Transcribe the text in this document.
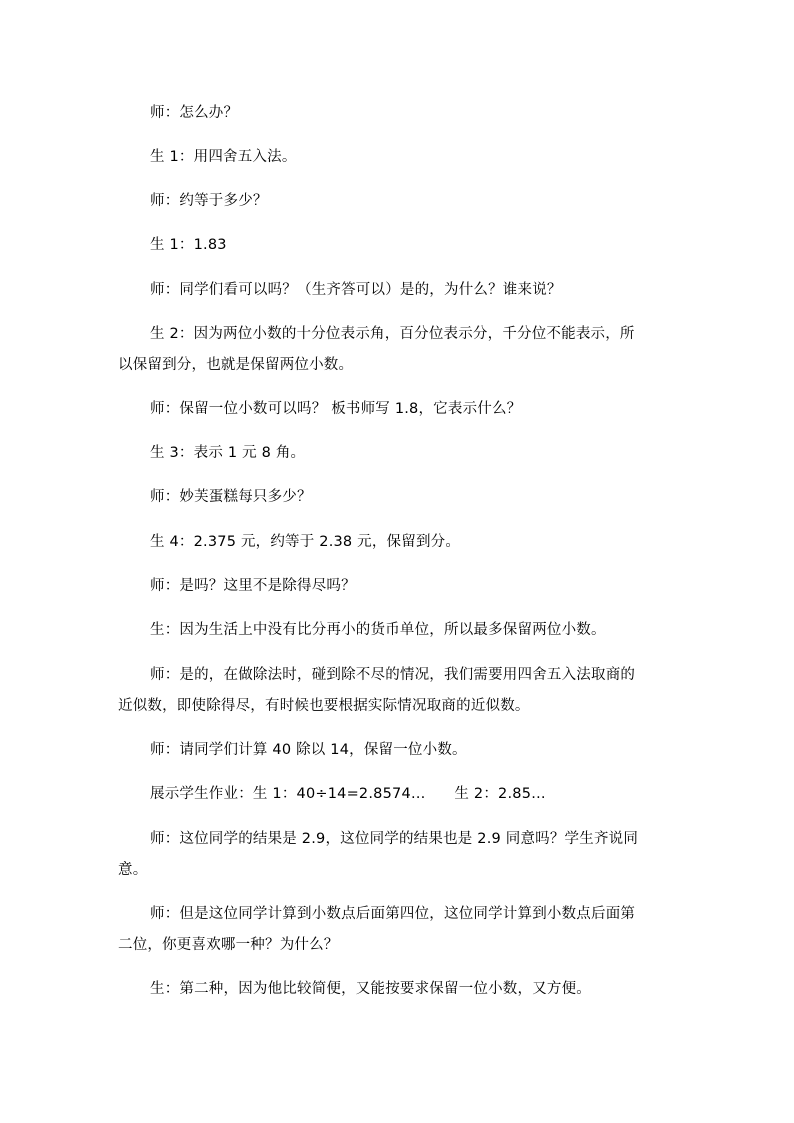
师：怎么办？
生 1：用四舍五入法。
师：约等于多少？
生 1：1.83
师：同学们看可以吗？（生齐答可以）是的，为什么？谁来说？
生 2：因为两位小数的十分位表示角，百分位表示分，千分位不能表示，所
以保留到分，也就是保留两位小数。
师：保留一位小数可以吗？ 板书师写 1.8，它表示什么？
生 3：表示 1 元 8 角。
师：妙芙蛋糕每只多少？
生 4：2.375 元，约等于 2.38 元，保留到分。
师：是吗？这里不是除得尽吗？
生：因为生活上中没有比分再小的货币单位，所以最多保留两位小数。
师：是的，在做除法时，碰到除不尽的情况，我们需要用四舍五入法取商的
近似数，即使除得尽，有时候也要根据实际情况取商的近似数。
师：请同学们计算 40 除以 14，保留一位小数。
展示学生作业：生 1：40÷14=2.8574…      生 2：2.85…
师：这位同学的结果是 2.9，这位同学的结果也是 2.9 同意吗？学生齐说同
意。
师：但是这位同学计算到小数点后面第四位，这位同学计算到小数点后面第
二位，你更喜欢哪一种？为什么？
生：第二种，因为他比较简便，又能按要求保留一位小数，又方便。
